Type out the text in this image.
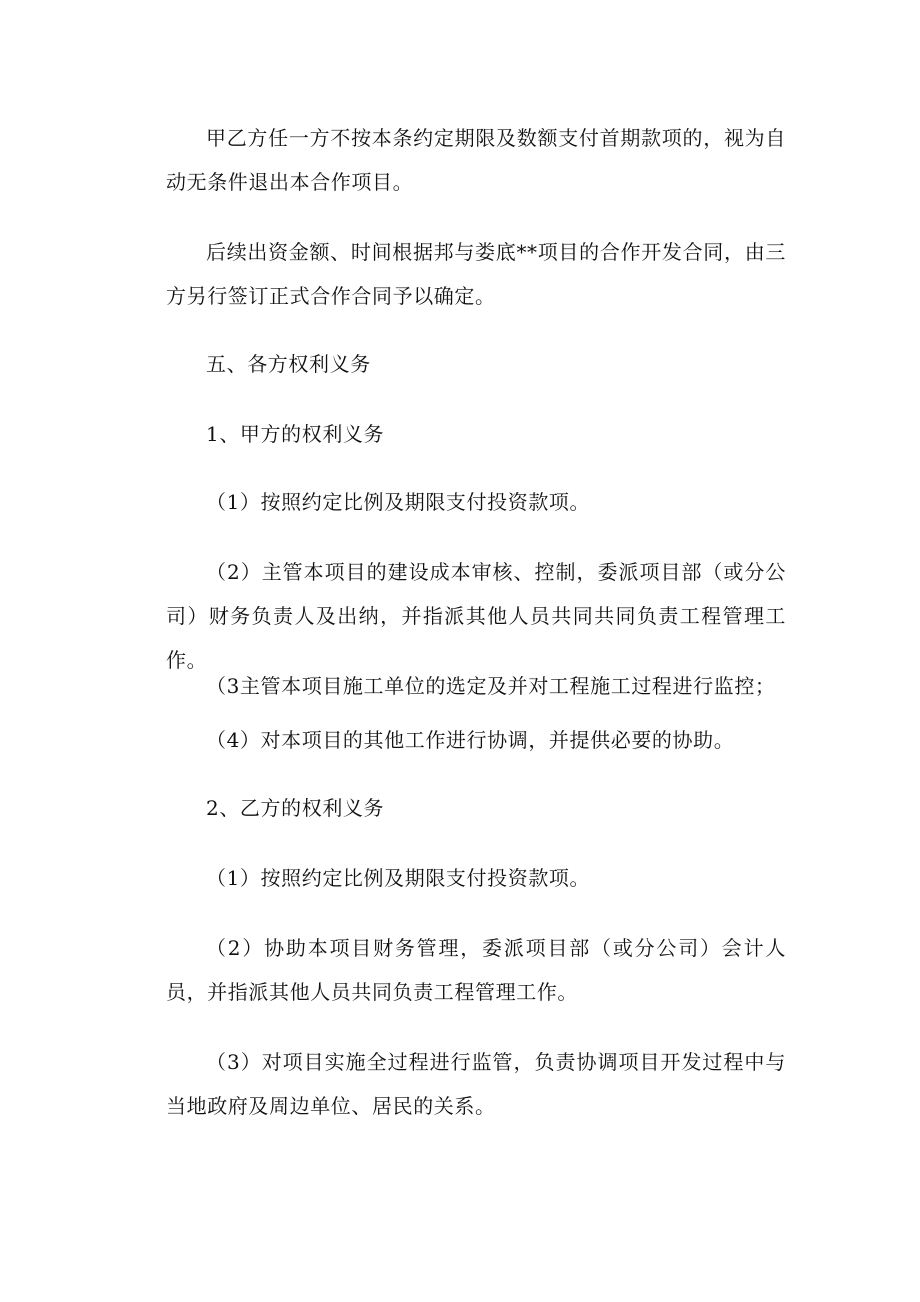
甲乙方任一方不按本条约定期限及数额支付首期款项的，视为自动无条件退出本合作项目。
后续出资金额、时间根据邦与娄底**项目的合作开发合同，由三方另行签订正式合作合同予以确定。
五、各方权利义务
1、甲方的权利义务
（1）按照约定比例及期限支付投资款项。
（2）主管本项目的建设成本审核、控制，委派项目部（或分公司）财务负责人及出纳，并指派其他人员共同共同负责工程管理工作。
（3主管本项目施工单位的选定及并对工程施工过程进行监控；
（4）对本项目的其他工作进行协调，并提供必要的协助。
2、乙方的权利义务
（1）按照约定比例及期限支付投资款项。
（2）协助本项目财务管理，委派项目部（或分公司）会计人员，并指派其他人员共同负责工程管理工作。
（3）对项目实施全过程进行监管，负责协调项目开发过程中与当地政府及周边单位、居民的关系。
